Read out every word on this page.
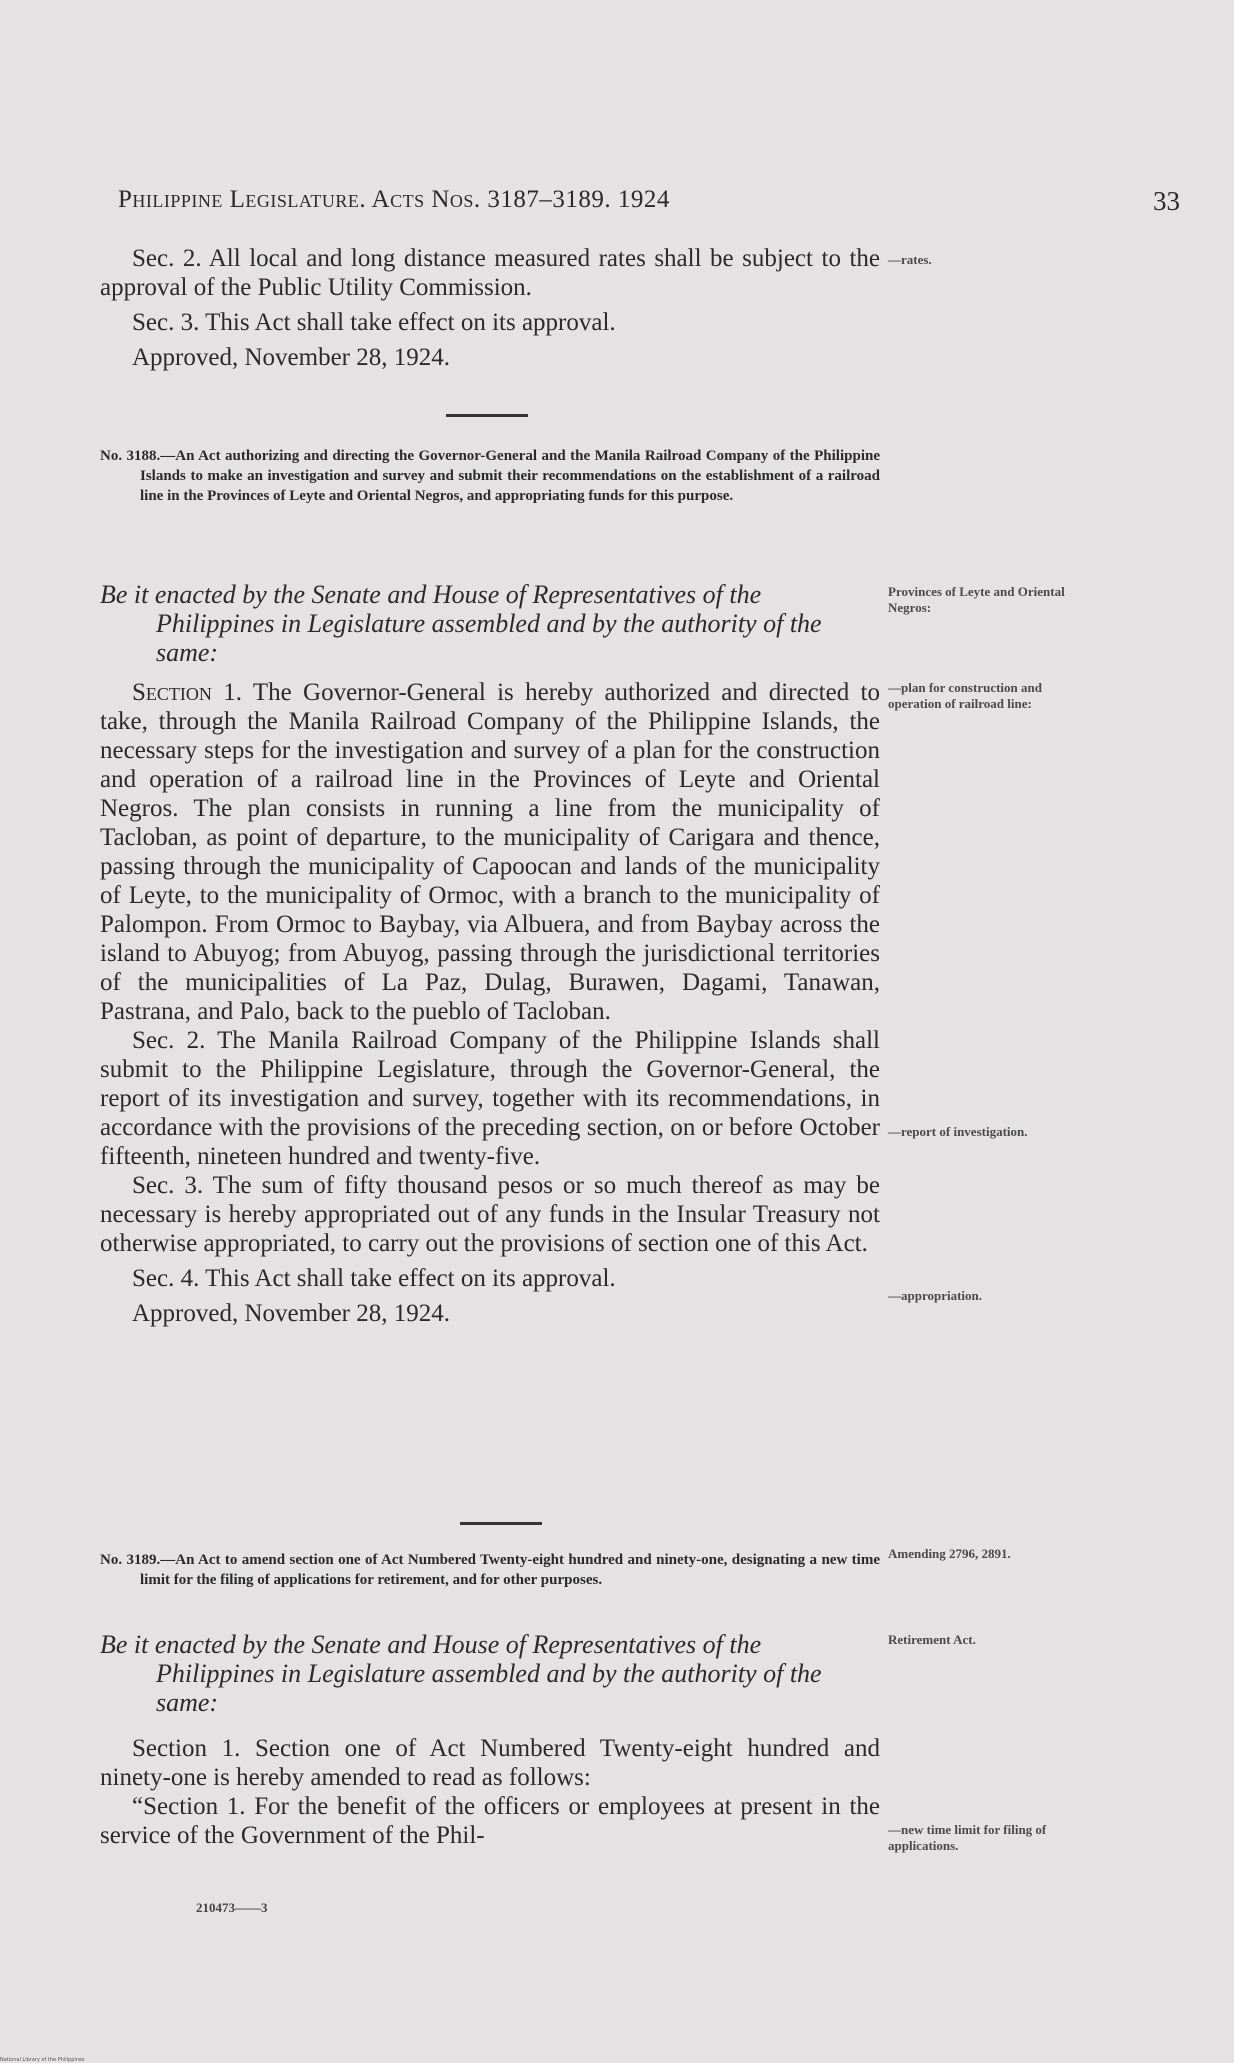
Philippine Legislature. Acts Nos. 3187–3189. 1924	33

Sec. 2. All local and long distance measured rates shall be subject to the approval of the Public Utility Commission.

Sec. 3. This Act shall take effect on its approval.

Approved, November 28, 1924.

—rates.

No. 3188.—An Act authorizing and directing the Governor-General and the Manila Railroad Company of the Philippine Islands to make an investigation and survey and submit their recommendations on the establishment of a railroad line in the Provinces of Leyte and Oriental Negros, and appropriating funds for this purpose.

Be it enacted by the Senate and House of Representatives of the Philippines in Legislature assembled and by the authority of the same:

Provinces of Leyte and Oriental Negros:

Section 1. The Governor-General is hereby authorized and directed to take, through the Manila Railroad Company of the Philippine Islands, the necessary steps for the investigation and survey of a plan for the construction and operation of a railroad line in the Provinces of Leyte and Oriental Negros. The plan consists in running a line from the municipality of Tacloban, as point of departure, to the municipality of Carigara and thence, passing through the municipality of Capoocan and lands of the municipality of Leyte, to the municipality of Ormoc, with a branch to the municipality of Palompon. From Ormoc to Baybay, via Albuera, and from Baybay across the island to Abuyog; from Abuyog, passing through the jurisdictional territories of the municipalities of La Paz, Dulag, Burawen, Dagami, Tanawan, Pastrana, and Palo, back to the pueblo of Tacloban.

Sec. 2. The Manila Railroad Company of the Philippine Islands shall submit to the Philippine Legislature, through the Governor-General, the report of its investigation and survey, together with its recommendations, in accordance with the provisions of the preceding section, on or before October fifteenth, nineteen hundred and twenty-five.

Sec. 3. The sum of fifty thousand pesos or so much thereof as may be necessary is hereby appropriated out of any funds in the Insular Treasury not otherwise appropriated, to carry out the provisions of section one of this Act.

Sec. 4. This Act shall take effect on its approval.

Approved, November 28, 1924.

—plan for construction and operation of railroad line:
—report of investigation.
—appropriation.

No. 3189.—An Act to amend section one of Act Numbered Twenty-eight hundred and ninety-one, designating a new time limit for the filing of applications for retirement, and for other purposes.

Amending 2796, 2891.

Be it enacted by the Senate and House of Representatives of the Philippines in Legislature assembled and by the authority of the same:

Retirement Act.

Section 1. Section one of Act Numbered Twenty-eight hundred and ninety-one is hereby amended to read as follows:

“Section 1. For the benefit of the officers or employees at present in the service of the Government of the Phil-	—new time limit for filing of applications.
210473——3
National Library of the Philippines
